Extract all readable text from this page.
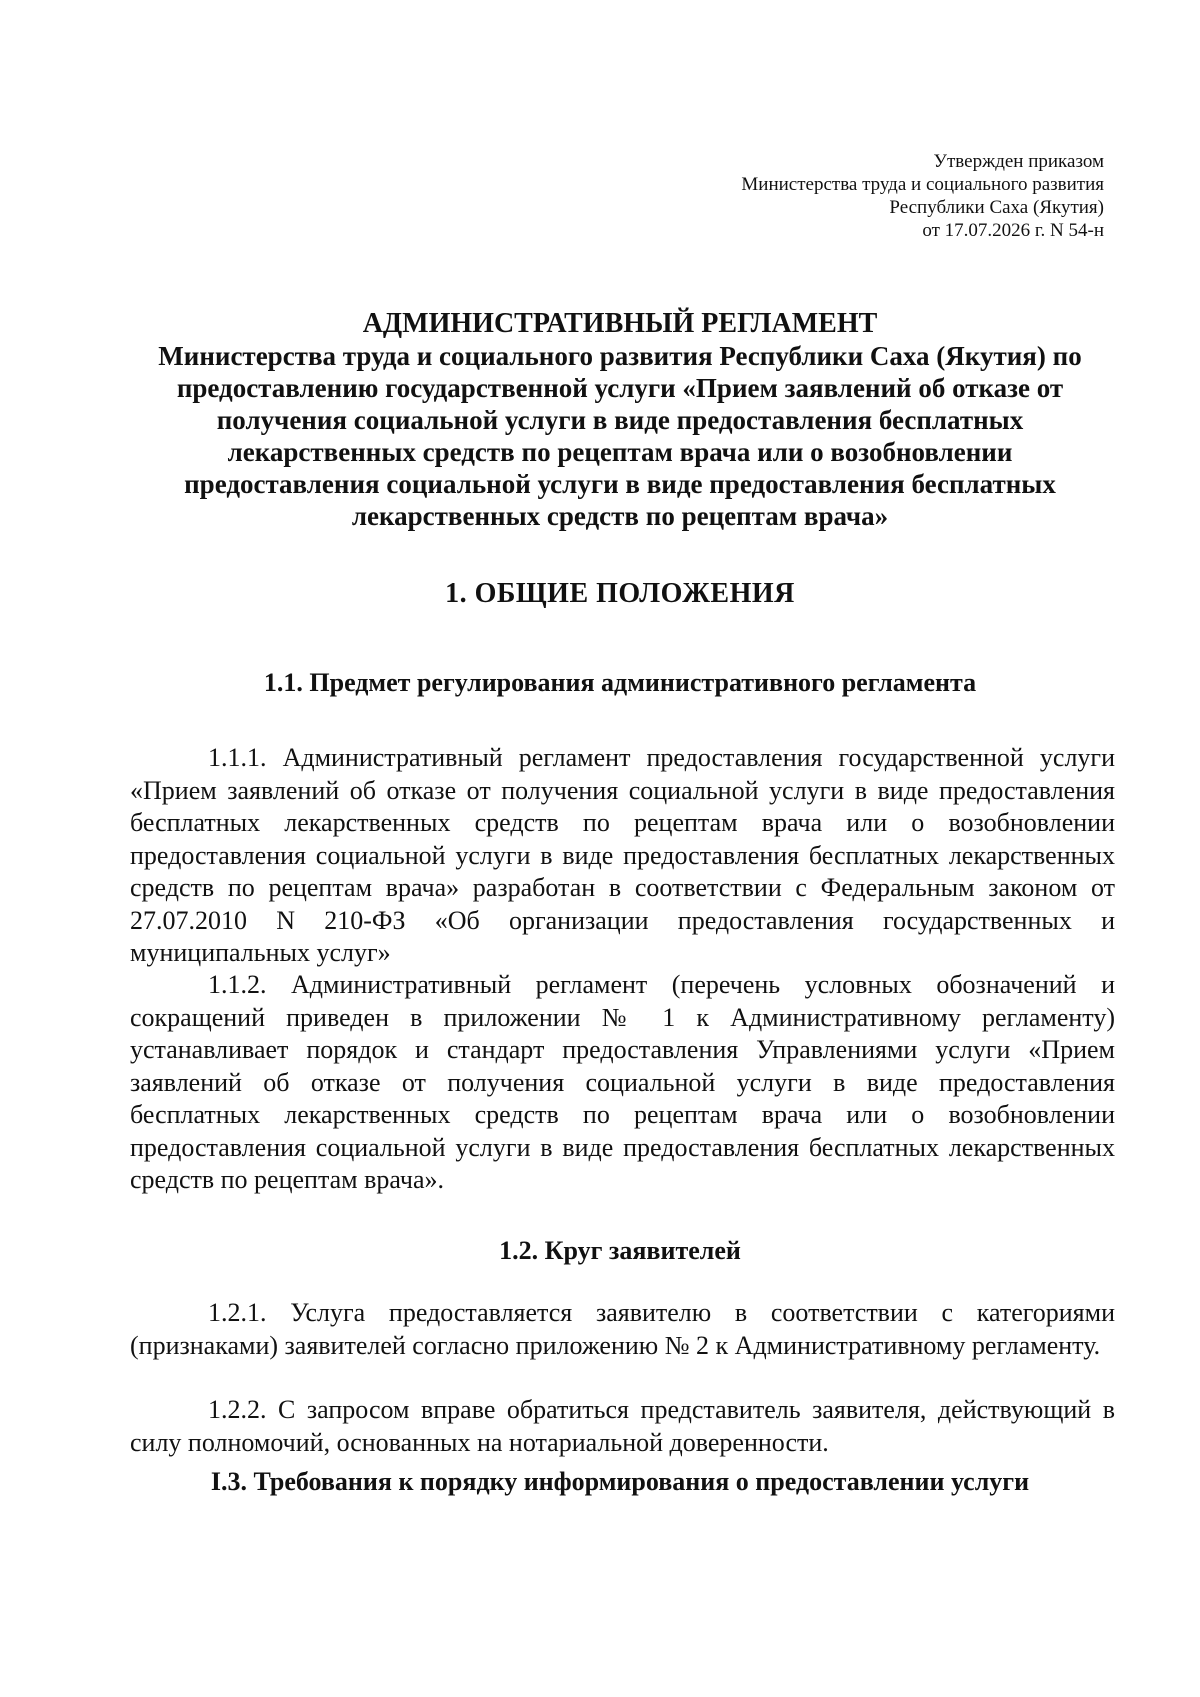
Утвержден приказом
Министерства труда и социального развития
Республики Саха (Якутия)
от 17.07.2026 г. N 54-н
АДМИНИСТРАТИВНЫЙ РЕГЛАМЕНТ
Министерства труда и социального развития Республики Саха (Якутия) по
предоставлению государственной услуги «Прием заявлений об отказе от
получения социальной услуги в виде предоставления бесплатных
лекарственных средств по рецептам врача или о возобновлении
предоставления социальной услуги в виде предоставления бесплатных
лекарственных средств по рецептам врача»
1. ОБЩИЕ ПОЛОЖЕНИЯ
1.1. Предмет регулирования административного регламента

1.1.1. Административный регламент предоставления государственной услуги «Прием заявлений об отказе от получения социальной услуги в виде предоставления бесплатных лекарственных средств по рецептам врача или о возобновлении предоставления социальной услуги в виде предоставления бесплатных лекарственных средств по рецептам врача» разработан в соответствии с Федеральным законом от 27.07.2010 N 210-ФЗ «Об организации предоставления государственных и муниципальных услуг»

1.1.2. Административный регламент (перечень условных обозначений и сокращений приведен в приложении № 1 к Административному регламенту) устанавливает порядок и стандарт предоставления Управлениями услуги «Прием заявлений об отказе от получения социальной услуги в виде предоставления бесплатных лекарственных средств по рецептам врача или о возобновлении предоставления социальной услуги в виде предоставления бесплатных лекарственных средств по рецептам врача».

1.2. Круг заявителей

1.2.1. Услуга предоставляется заявителю в соответствии с категориями (признаками) заявителей согласно приложению № 2 к Административному регламенту.

1.2.2. С запросом вправе обратиться представитель заявителя, действующий в силу полномочий, основанных на нотариальной доверенности.

I.3. Требования к порядку информирования о предоставлении услуги
